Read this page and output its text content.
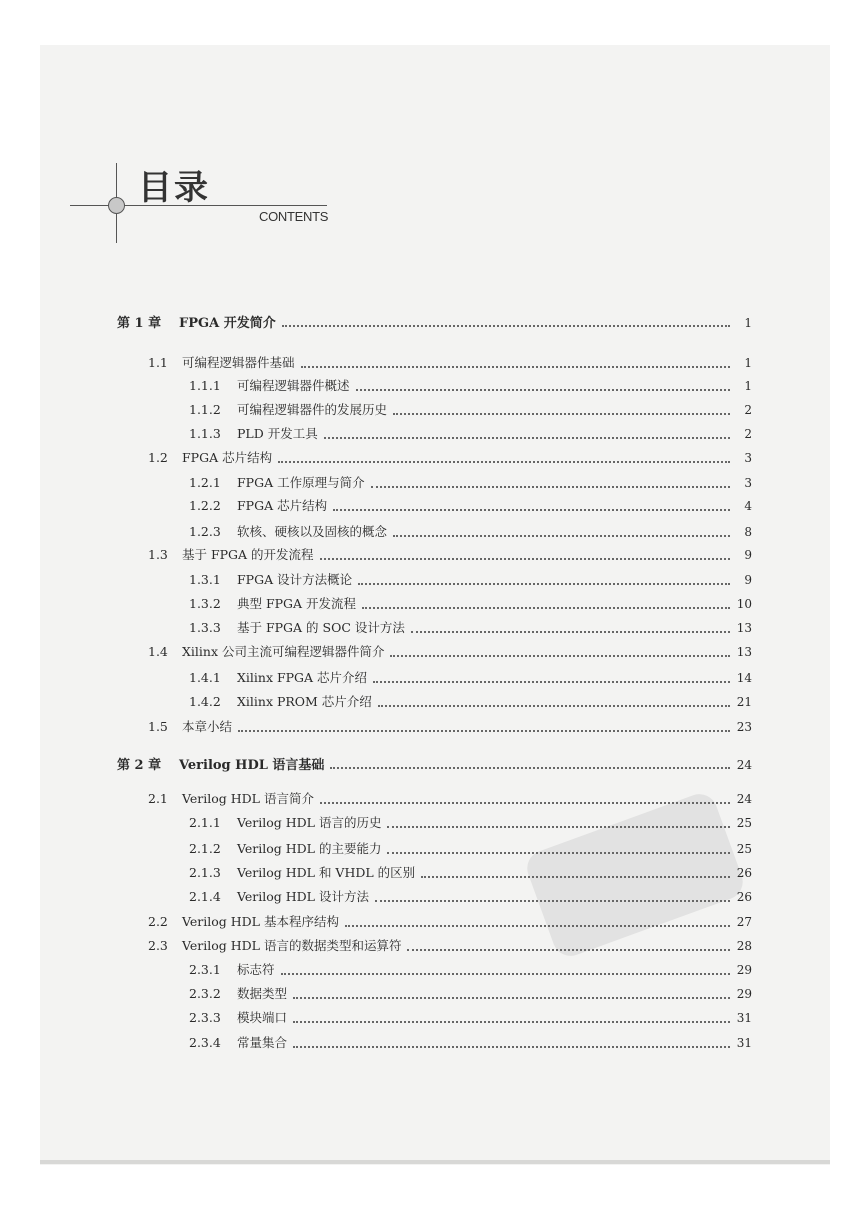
目录
CONTENTS
第 1 章	FPGA 开发简介	1
1.1	可编程逻辑器件基础	1
1.1.1	可编程逻辑器件概述	1
1.1.2	可编程逻辑器件的发展历史	2
1.1.3	PLD 开发工具	2
1.2	FPGA 芯片结构	3
1.2.1	FPGA 工作原理与简介	3
1.2.2	FPGA 芯片结构	4
1.2.3	软核、硬核以及固核的概念	8
1.3	基于 FPGA 的开发流程	9
1.3.1	FPGA 设计方法概论	9
1.3.2	典型 FPGA 开发流程	10
1.3.3	基于 FPGA 的 SOC 设计方法	13
1.4	Xilinx 公司主流可编程逻辑器件简介	13
1.4.1	Xilinx FPGA 芯片介绍	14
1.4.2	Xilinx PROM 芯片介绍	21
1.5	本章小结	23
第 2 章	Verilog HDL 语言基础	24
2.1	Verilog HDL 语言简介	24
2.1.1	Verilog HDL 语言的历史	25
2.1.2	Verilog HDL 的主要能力	25
2.1.3	Verilog HDL 和 VHDL 的区别	26
2.1.4	Verilog HDL 设计方法	26
2.2	Verilog HDL 基本程序结构	27
2.3	Verilog HDL 语言的数据类型和运算符	28
2.3.1	标志符	29
2.3.2	数据类型	29
2.3.3	模块端口	31
2.3.4	常量集合	31
